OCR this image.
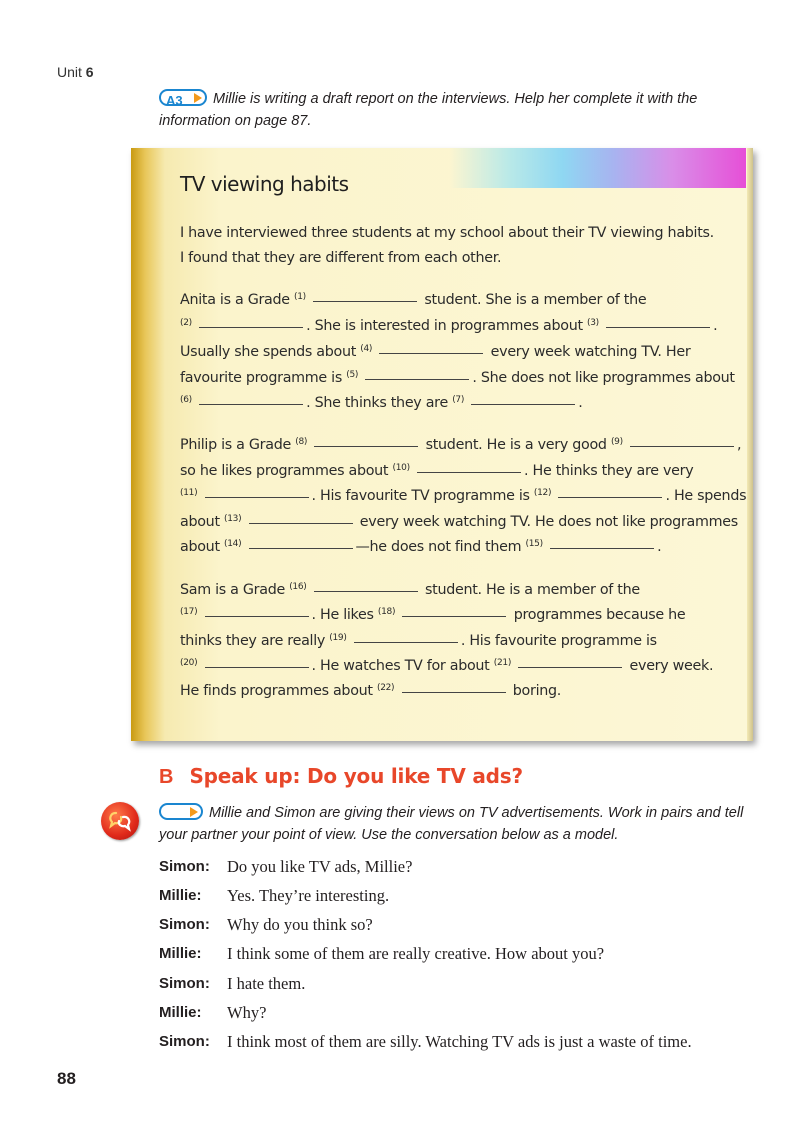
Unit 6
A3 Millie is writing a draft report on the interviews. Help her complete it with the information on page 87.
TV viewing habits
I have interviewed three students at my school about their TV viewing habits.
I found that they are different from each other.
Anita is a Grade $^{(1)}$	student. She is a member of the
$^{(2)}$	. She is interested in programmes about $^{(3)}$	.
Usually she spends about $^{(4)}$	every week watching TV. Her
favourite programme is $^{(5)}$	. She does not like programmes about
$^{(6)}$	. She thinks they are $^{(7)}$	.
Philip is a Grade $^{(8)}$	student. He is a very good $^{(9)}$	,
so he likes programmes about $^{(10)}$	. He thinks they are very
$^{(11)}$	. His favourite TV programme is $^{(12)}$	. He spends
about $^{(13)}$	every week watching TV. He does not like programmes
about $^{(14)}$	—he does not find them $^{(15)}$	.
Sam is a Grade $^{(16)}$	student. He is a member of the
$^{(17)}$	. He likes $^{(18)}$	programmes because he
thinks they are really $^{(19)}$	. His favourite programme is
$^{(20)}$	. He watches TV for about $^{(21)}$	every week.
He finds programmes about $^{(22)}$	boring.
B Speak up: Do you like TV ads?
Millie and Simon are giving their views on TV advertisements. Work in pairs and tell your partner your point of view. Use the conversation below as a model.
Simon: Do you like TV ads, Millie?
Millie: Yes. They’re interesting.
Simon: Why do you think so?
Millie: I think some of them are really creative. How about you?
Simon: I hate them.
Millie: Why?
Simon: I think most of them are silly. Watching TV ads is just a waste of time.
88
